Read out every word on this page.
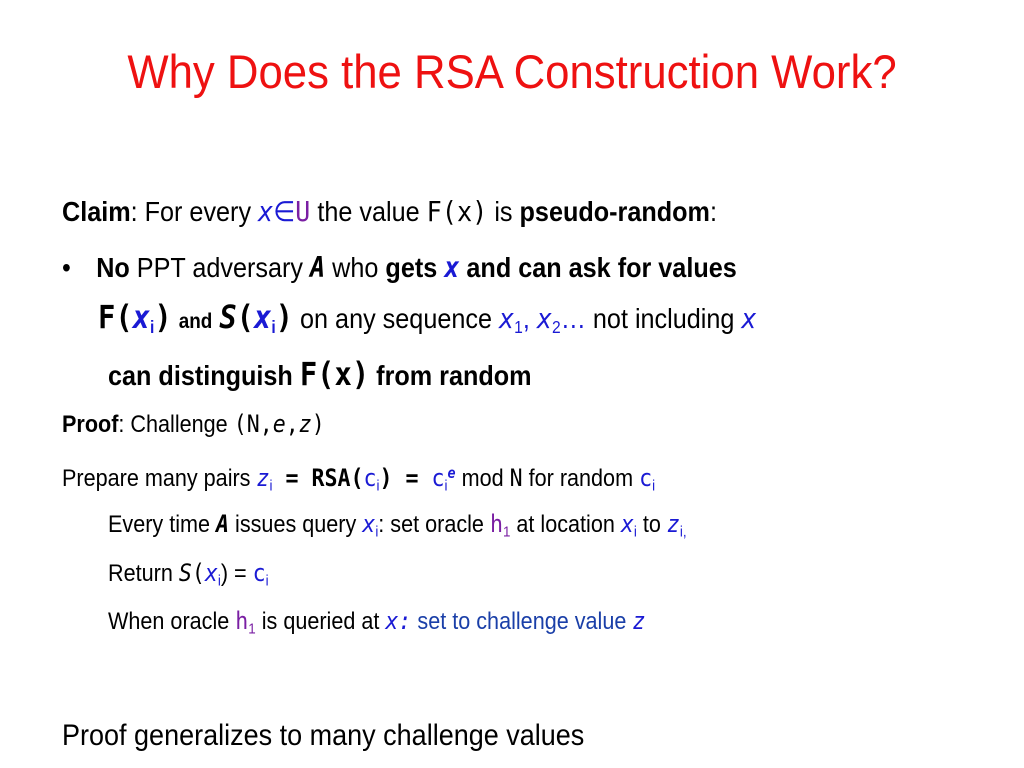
Why Does the RSA Construction Work?
Claim: For every x∈U the value F(x) is pseudo-random:
• No PPT adversary A who gets x and can ask for values
$F(x_i)$ and $S(x_i)$ on any sequence $x_1$, $x_2\dots$ not including x
can distinguish F(x) from random
Proof: Challenge (N,e,z)
Prepare many pairs $z_i = RSA(c_i) = c_i^e$ mod N for random $c_i$
Every time A issues query $x_i$: set oracle $h_1$ at location $x_i$ to $z_{i,}$
Return $S(x_i) = c_i$
When oracle $h_1$ is queried at x: set to challenge value z
Proof generalizes to many challenge values
